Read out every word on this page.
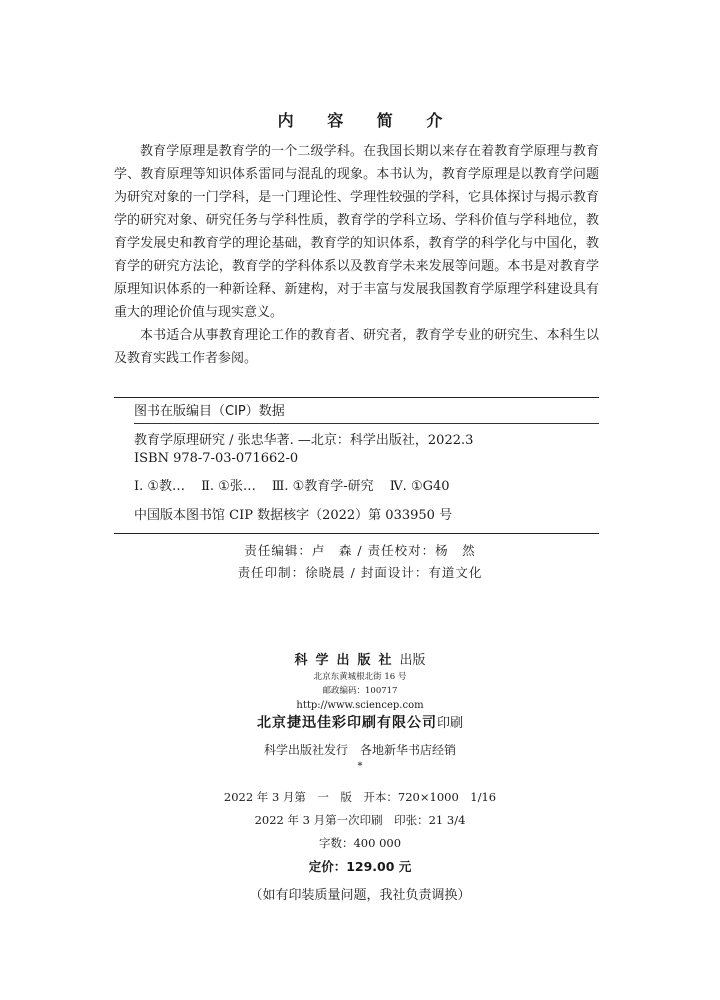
内 容 简 介

教育学原理是教育学的一个二级学科。在我国长期以来存在着教育学原理与教育学、教育原理等知识体系雷同与混乱的现象。本书认为，教育学原理是以教育学问题为研究对象的一门学科，是一门理论性、学理性较强的学科，它具体探讨与揭示教育学的研究对象、研究任务与学科性质，教育学的学科立场、学科价值与学科地位，教育学发展史和教育学的理论基础，教育学的知识体系，教育学的科学化与中国化，教育学的研究方法论，教育学的学科体系以及教育学未来发展等问题。本书是对教育学原理知识体系的一种新诠释、新建构，对于丰富与发展我国教育学原理学科建设具有重大的理论价值与现实意义。

本书适合从事教育理论工作的教育者、研究者，教育学专业的研究生、本科生以及教育实践工作者参阅。

图书在版编目（CIP）数据
教育学原理研究 / 张忠华著. —北京：科学出版社，2022.3
ISBN 978-7-03-071662-0
Ⅰ. ①教… Ⅱ. ①张… Ⅲ. ①教育学-研究 Ⅳ. ①G40
中国版本图书馆 CIP 数据核字（2022）第 033950 号
责任编辑：卢　森 / 责任校对：杨　然
责任印制：徐晓晨 / 封面设计：有道文化
科学出版社出版
北京东黄城根北街 16 号
邮政编码：100717
http://www.sciencep.com
北京捷迅佳彩印刷有限公司印刷
科学出版社发行　各地新华书店经销
*
2022 年 3 月第　一　版　开本：720×1000　1/16
2022 年 3 月第一次印刷　印张：21 3/4
字数：400 000
定价：129.00 元
（如有印装质量问题，我社负责调换）
